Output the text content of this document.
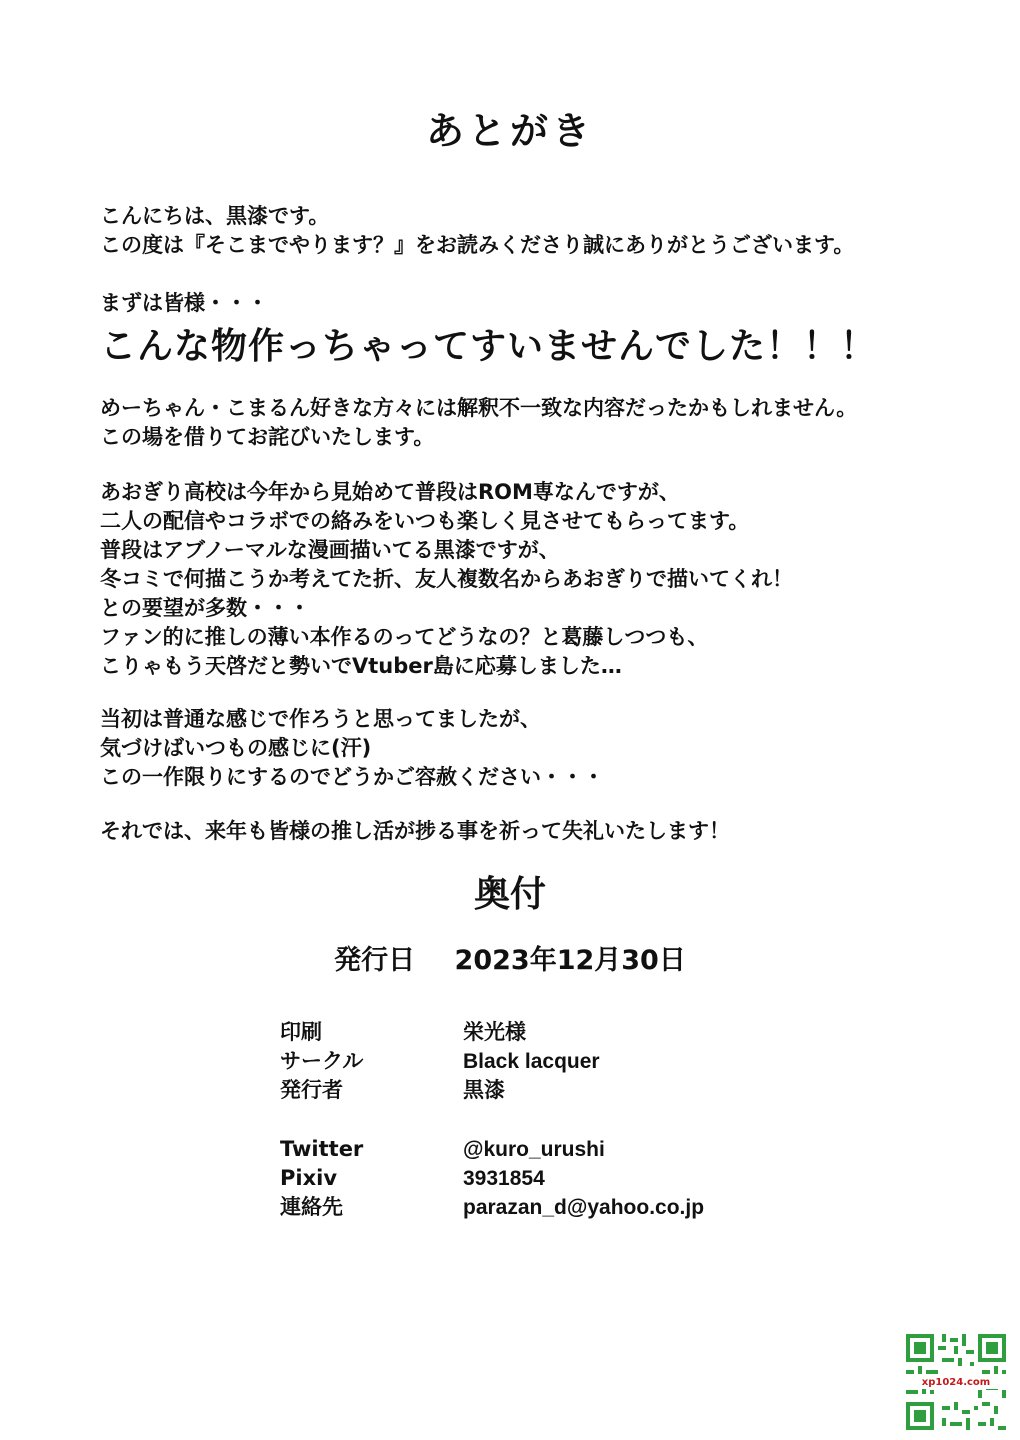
あとがき
こんにちは、黒漆です。
この度は『そこまでやります？』をお読みくださり誠にありがとうございます。
まずは皆様・・・
こんな物作っちゃってすいませんでした！！！
めーちゃん・こまるん好きな方々には解釈不一致な内容だったかもしれません。
この場を借りてお詫びいたします。
あおぎり高校は今年から見始めて普段はROM専なんですが、
二人の配信やコラボでの絡みをいつも楽しく見させてもらってます。
普段はアブノーマルな漫画描いてる黒漆ですが、
冬コミで何描こうか考えてた折、友人複数名からあおぎりで描いてくれ！
との要望が多数・・・
ファン的に推しの薄い本作るのってどうなの？と葛藤しつつも、
こりゃもう天啓だと勢いでVtuber島に応募しました…
当初は普通な感じで作ろうと思ってましたが、
気づけばいつもの感じに(汗)
この一作限りにするのでどうかご容赦ください・・・
それでは、来年も皆様の推し活が捗る事を祈って失礼いたします！
奥付
発行日 2023年12月30日
印刷	栄光様
サークル	Black lacquer
発行者	黒漆
Twitter	@kuro_urushi
Pixiv	3931854
連絡先	parazan_d@yahoo.co.jp
xp1024.com
